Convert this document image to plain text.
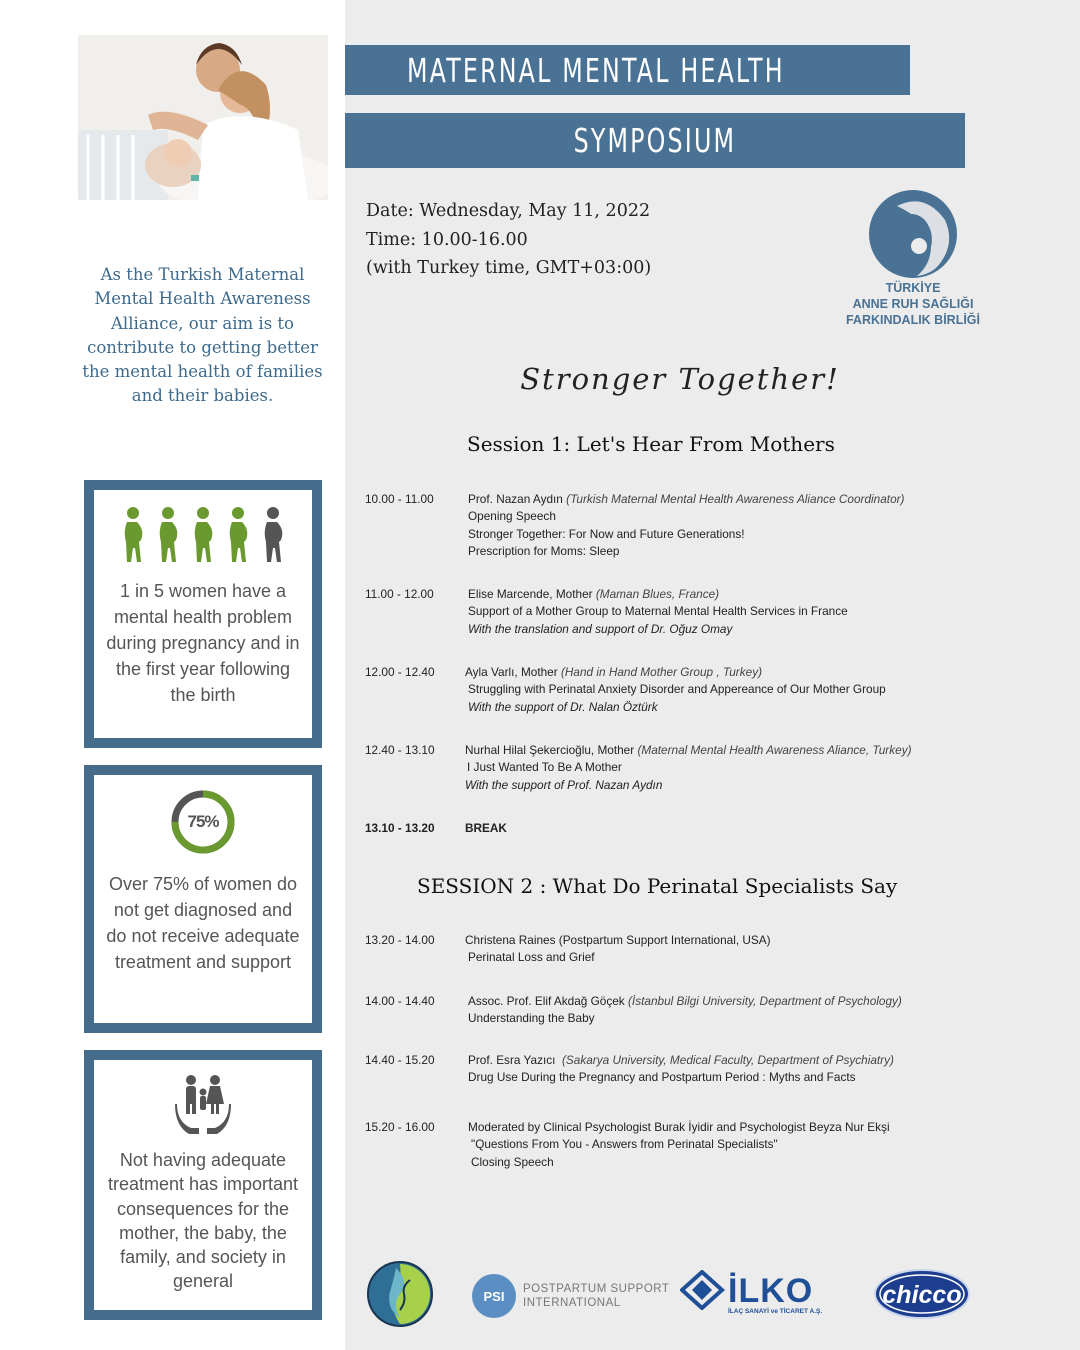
As the Turkish Maternal Mental Health Awareness Alliance, our aim is to contribute to getting better the mental health of families and their babies.
1 in 5 women have a mental health problem during pregnancy and in the first year following the birth
75%
Over 75% of women do not get diagnosed and do not receive adequate treatment and support
Not having adequate treatment has important consequences for the mother, the baby, the family, and society in general
MATERNAL MENTAL HEALTH
SYMPOSIUM
Date: Wednesday, May 11, 2022
Time: 10.00-16.00
(with Turkey time, GMT+03:00)
TÜRKİYE
ANNE RUH SAĞLIĞI
FARKINDALIK BİRLİĞİ
Stronger Together!
Session 1: Let's Hear From Mothers
10.00 - 11.00	Prof. Nazan Aydın (Turkish Maternal Mental Health Awareness Aliance Coordinator)
Opening Speech
Stronger Together: For Now and Future Generations!
Prescription for Moms: Sleep
11.00 - 12.00	Elise Marcende, Mother (Maman Blues, France)
Support of a Mother Group to Maternal Mental Health Services in France
With the translation and support of Dr. Oğuz Omay
12.00 - 12.40	Ayla Varlı, Mother (Hand in Hand Mother Group , Turkey)
Struggling with Perinatal Anxiety Disorder and Appereance of Our Mother Group
With the support of Dr. Nalan Öztürk
12.40 - 13.10	Nurhal Hilal Şekercioğlu, Mother (Maternal Mental Health Awareness Aliance, Turkey)
I Just Wanted To Be A Mother
With the support of Prof. Nazan Aydın
13.10 - 13.20	BREAK
SESSION 2 : What Do Perinatal Specialists Say
13.20 - 14.00	Christena Raines (Postpartum Support International, USA)
Perinatal Loss and Grief
14.00 - 14.40	Assoc. Prof. Elif Akdağ Göçek (İstanbul Bilgi University, Department of Psychology)
Understanding the Baby
14.40 - 15.20	Prof. Esra Yazıcı (Sakarya University, Medical Faculty, Department of Psychiatry)
Drug Use During the Pregnancy and Postpartum Period : Myths and Facts
15.20 - 16.00	Moderated by Clinical Psychologist Burak İyidir and Psychologist Beyza Nur Ekşi
"Questions From You - Answers from Perinatal Specialists"
Closing Speech
PSI POSTPARTUM SUPPORT
INTERNATIONAL	İLKO
İLAÇ SANAYİ ve TİCARET A.Ş.
chicco
